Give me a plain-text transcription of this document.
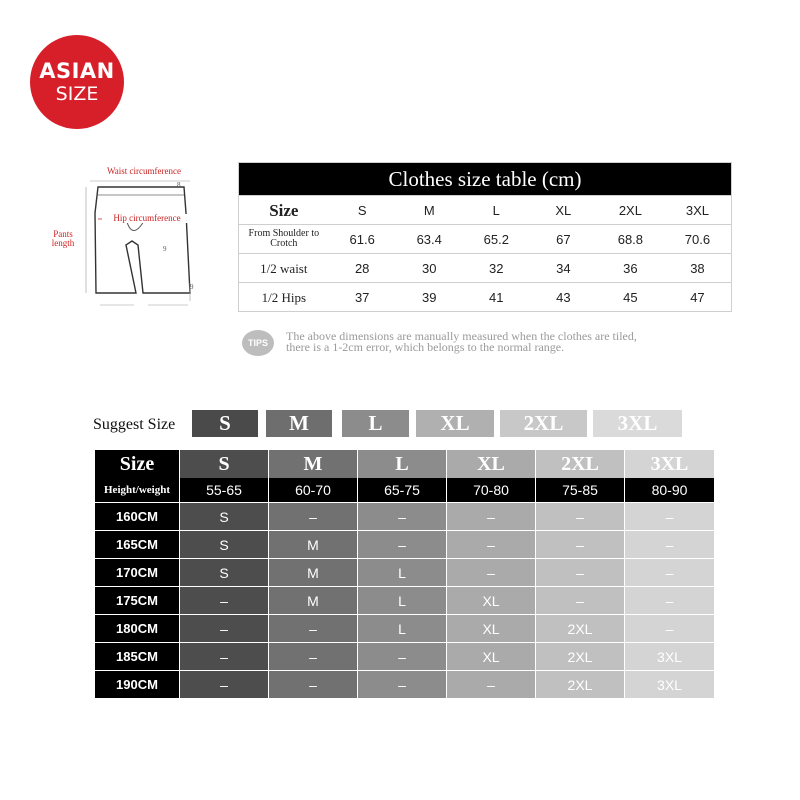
ASIAN
SIZE
Waist circumference
Hip circumference
Pants length
8
9
9
Clothes size table (cm)
Size	S	M	L	XL	2XL	3XL
From Shoulder to Crotch	61.6	63.4	65.2	67	68.8	70.6
1/2 waist	28	30	32	34	36	38
1/2 Hips	37	39	41	43	45	47
TIPS	The above dimensions are manually measured when the clothes are tiled,
there is a 1-2cm error, which belongs to the normal range.
Suggest Size	S	M	L	XL	2XL	3XL
Size	S	M	L	XL	2XL	3XL
Height/weight	55-65	60-70	65-75	70-80	75-85	80-90
160CM	S	–	–	–	–	–
165CM	S	M	–	–	–	–
170CM	S	M	L	–	–	–
175CM	–	M	L	XL	–	–
180CM	–	–	L	XL	2XL	–
185CM	–	–	–	XL	2XL	3XL
190CM	–	–	–	–	2XL	3XL
